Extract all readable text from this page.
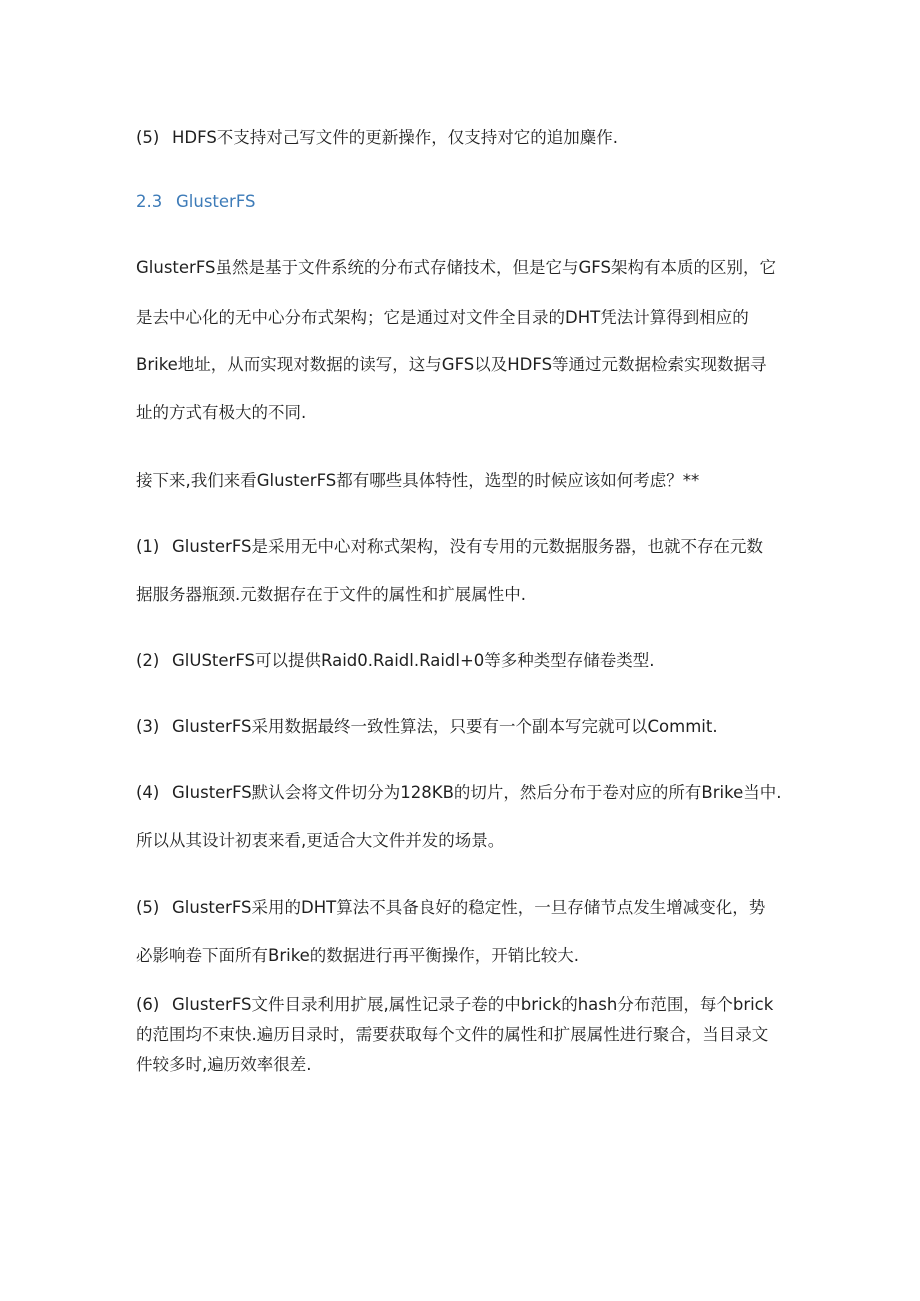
(5) HDFS不支持对己写文件的更新操作，仅支持对它的追加麋作.
2.3 GlusterFS
GlusterFS虽然是基于文件系统的分布式存储技术，但是它与GFS架构有本质的区别，它
是去中心化的无中心分布式架构；它是通过对文件全目录的DHT凭法计算得到相应的
Brike地址，从而实现对数据的读写，这与GFS以及HDFS等通过元数据检索实现数据寻
址的方式有极大的不同.
接下来,我们来看GlusterFS都有哪些具体特性，选型的时候应该如何考虑？**
(1) GlusterFS是采用无中心对称式架构，没有专用的元数据服务器，也就不存在元数
据服务器瓶颈.元数据存在于文件的属性和扩展属性中.
(2) GlUSterFS可以提供Raid0.Raidl.Raidl+0等多种类型存储卷类型.
(3) GlusterFS采用数据最终一致性算法，只要有一个副本写完就可以Commit.
(4) GIusterFS默认会将文件切分为128KB的切片，然后分布于卷对应的所有Brike当中.
所以从其设计初衷来看,更适合大文件并发的场景。
(5) GlusterFS采用的DHT算法不具备良好的稳定性，一旦存储节点发生增减变化，势
必影响卷下面所有Brike的数据进行再平衡操作，开销比较大.
(6) GlusterFS文件目录利用扩展,属性记录子卷的中brick的hash分布范围，每个brick
的范围均不束快.遍历目录时，需要获取每个文件的属性和扩展属性进行聚合，当目录文
件较多时,遍历效率很差.
